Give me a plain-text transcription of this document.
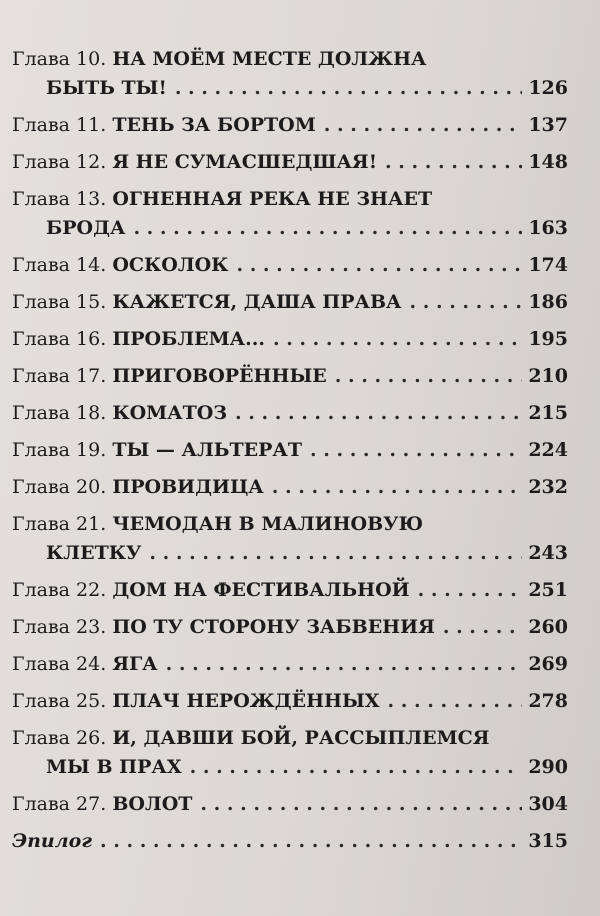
Глава 10.
НА МОЁМ МЕСТЕ ДОЛЖНА
БЫТЬ ТЫ! . . .	126
Глава 11.
ТЕНЬ ЗА БОРТОМ . . .	137
Глава 12.
Я НЕ СУМАСШЕДШАЯ! . . .	148
Глава 13.
ОГНЕННАЯ РЕКА НЕ ЗНАЕТ
БРОДА . . .	163
Глава 14.
ОСКОЛОК . . .	174
Глава 15.
КАЖЕТСЯ, ДАША ПРАВА . . .	186
Глава 16.
ПРОБЛЕМА... . . .	195
Глава 17.
ПРИГОВОРЁННЫЕ . . .	210
Глава 18.
КОМАТОЗ . . .	215
Глава 19.
ТЫ — АЛЬТЕРАТ . . .	224
Глава 20.
ПРОВИДИЦА . . .	232
Глава 21.
ЧЕМОДАН В МАЛИНОВУЮ
КЛЕТКУ . . .	243
Глава 22.
ДОМ НА ФЕСТИВАЛЬНОЙ . . .	251
Глава 23.
ПО ТУ СТОРОНУ ЗАБВЕНИЯ . . .	260
Глава 24.
ЯГА . . .	269
Глава 25.
ПЛАЧ НЕРОЖДЁННЫХ . . .	278
Глава 26.
И, ДАВШИ БОЙ, РАССЫПЛЕМСЯ
МЫ В ПРАХ . . .	290
Глава 27.
ВОЛОТ . . .	304
Эпилог . . .	315
